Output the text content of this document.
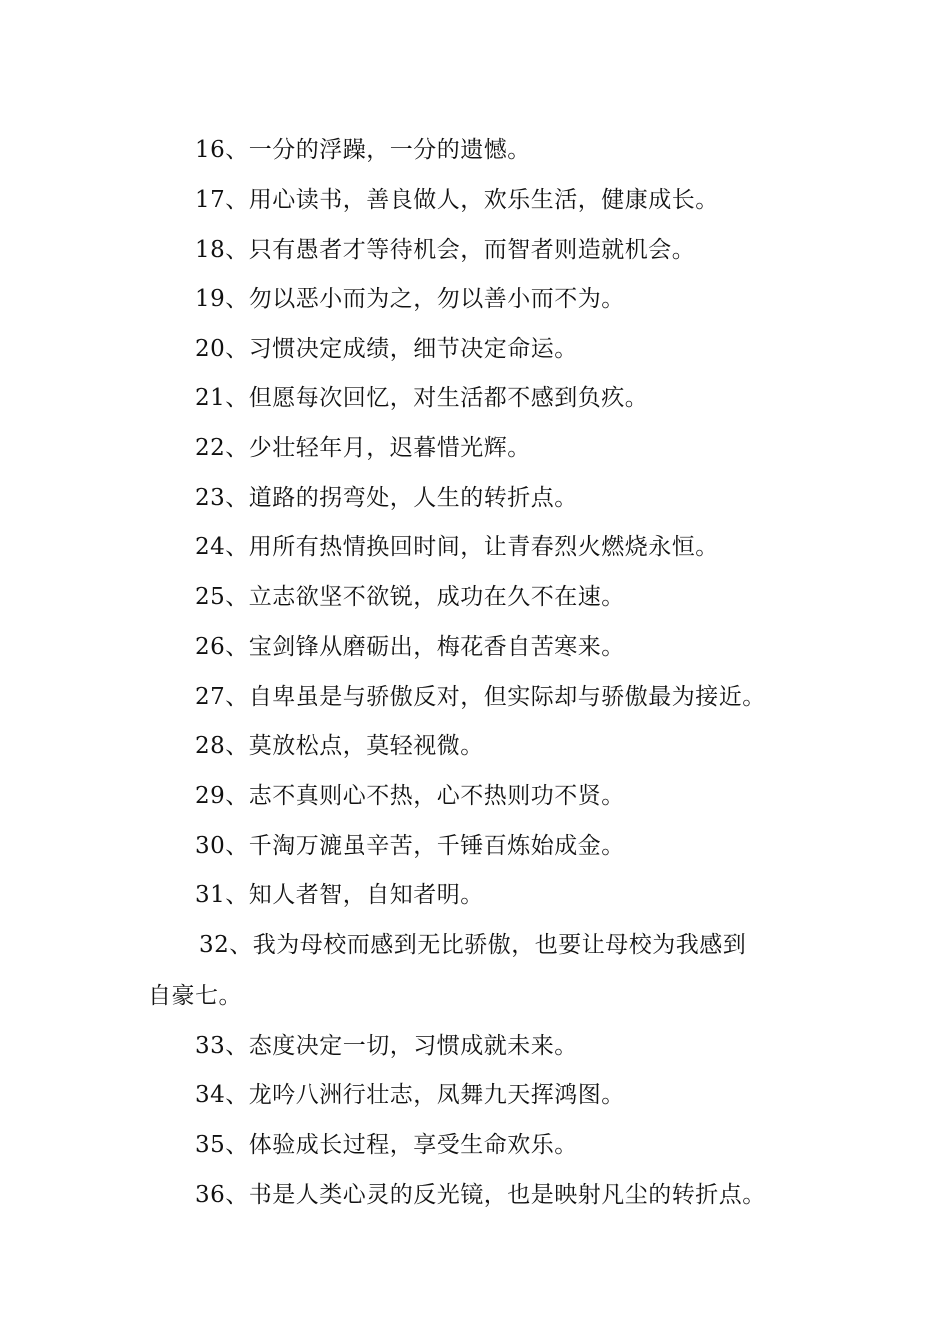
16、一分的浮躁，一分的遗憾。
17、用心读书，善良做人，欢乐生活，健康成长。
18、只有愚者才等待机会，而智者则造就机会。
19、勿以恶小而为之，勿以善小而不为。
20、习惯决定成绩，细节决定命运。
21、但愿每次回忆，对生活都不感到负疚。
22、少壮轻年月，迟暮惜光辉。
23、道路的拐弯处，人生的转折点。
24、用所有热情换回时间，让青春烈火燃烧永恒。
25、立志欲坚不欲锐，成功在久不在速。
26、宝剑锋从磨砺出，梅花香自苦寒来。
27、自卑虽是与骄傲反对，但实际却与骄傲最为接近。
28、莫放松点，莫轻视微。
29、志不真则心不热，心不热则功不贤。
30、千淘万漉虽辛苦，千锤百炼始成金。
31、知人者智，自知者明。
32、我为母校而感到无比骄傲，也要让母校为我感到
自豪七。
33、态度决定一切，习惯成就未来。
34、龙吟八洲行壮志，凤舞九天挥鸿图。
35、体验成长过程，享受生命欢乐。
36、书是人类心灵的反光镜，也是映射凡尘的转折点。
